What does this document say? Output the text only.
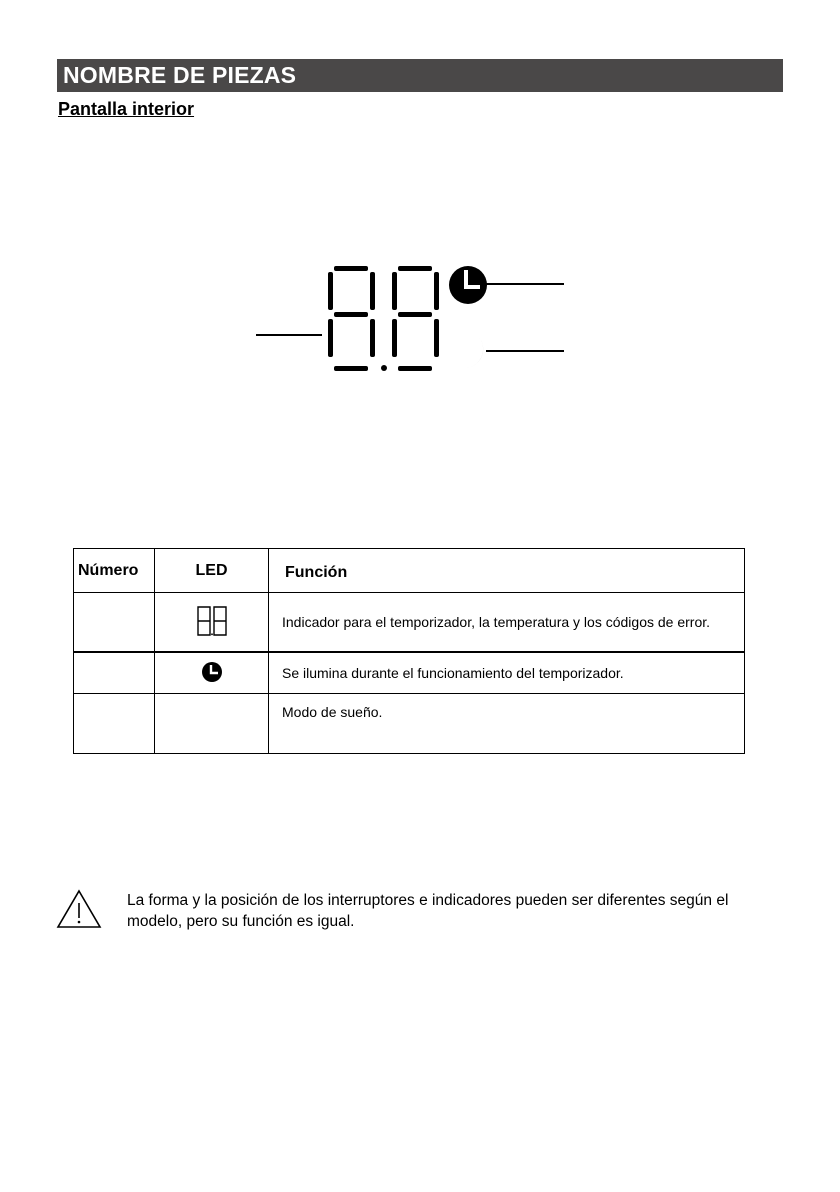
NOMBRE DE PIEZAS
Pantalla interior
Número	LED	Función
		Indicador para el temporizador, la temperatura y los códigos de error.
		Se ilumina durante el funcionamiento del temporizador.
		Modo de sueño.
La forma y la posición de los interruptores e indicadores pueden ser diferentes según el modelo, pero su función es igual.
